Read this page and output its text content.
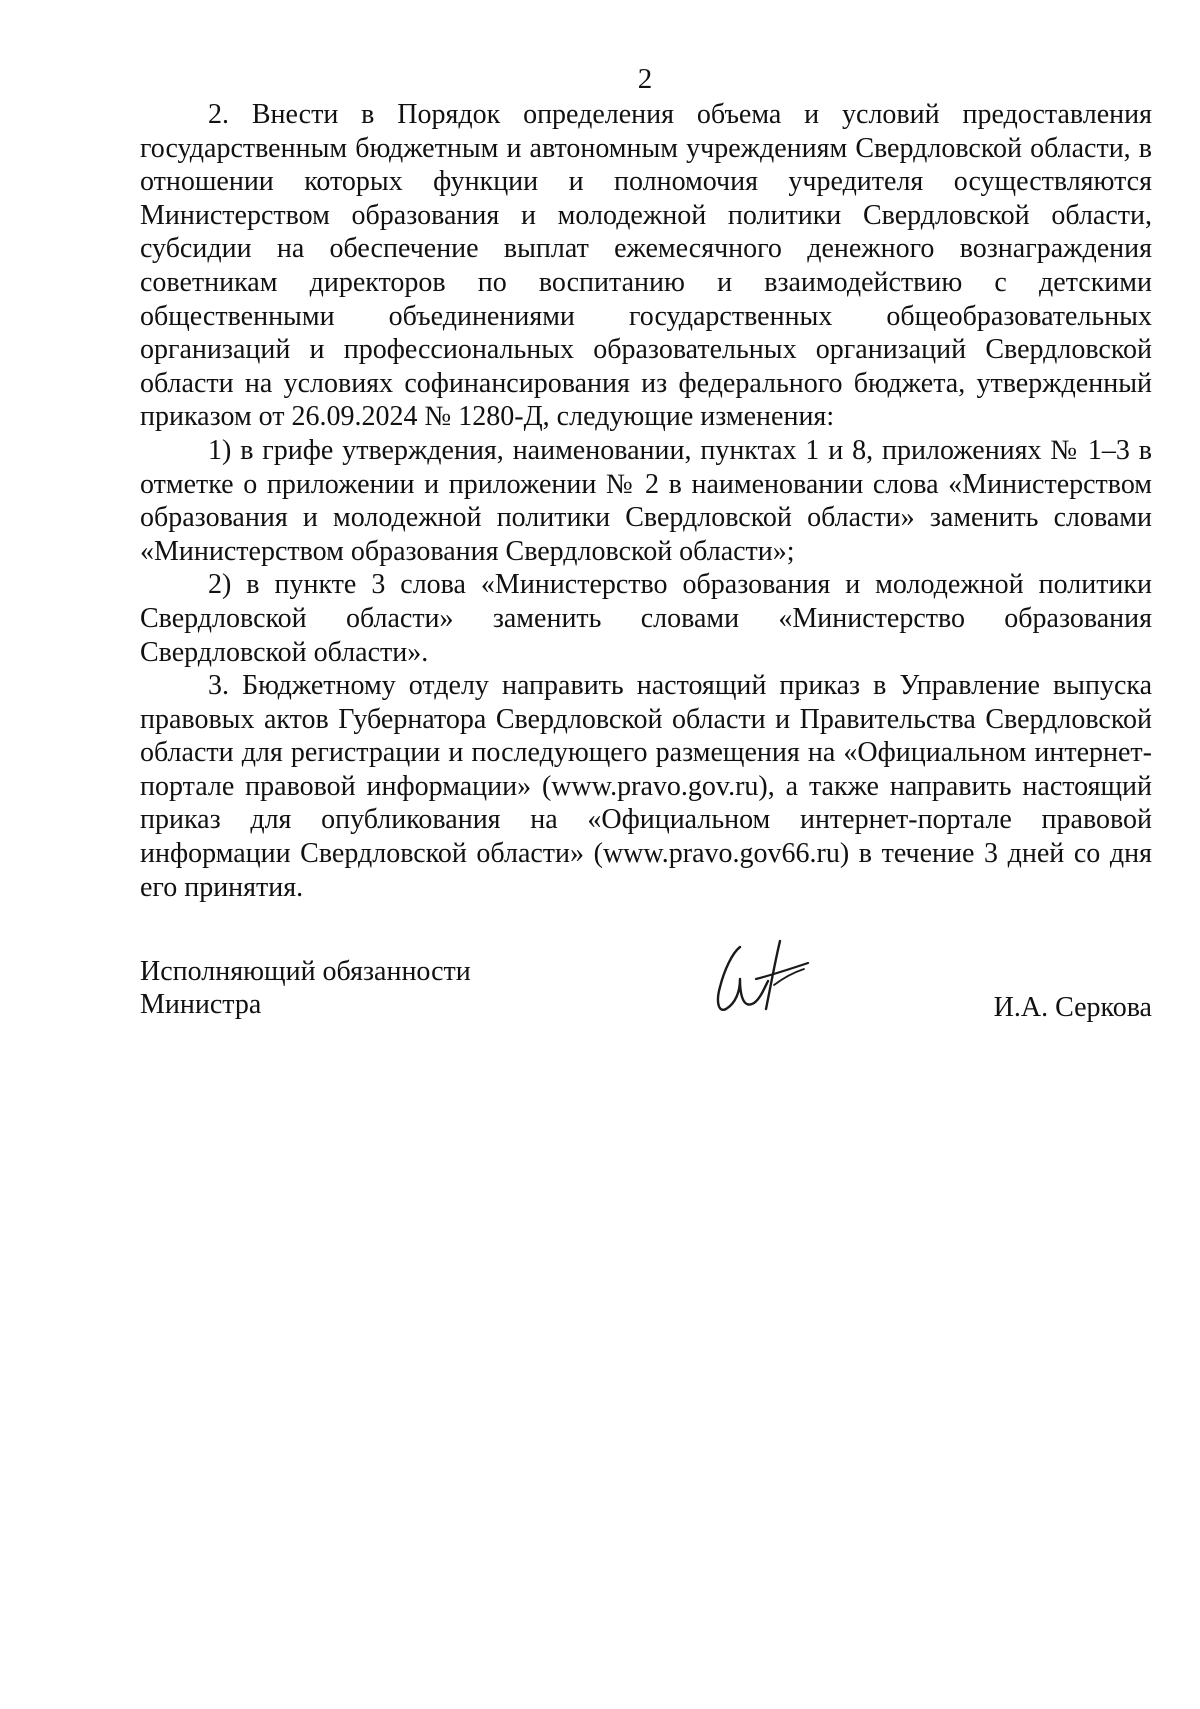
2

2. Внести в Порядок определения объема и условий предоставления государственным бюджетным и автономным учреждениям Свердловской области, в отношении которых функции и полномочия учредителя осуществляются Министерством образования и молодежной политики Свердловской области, субсидии на обеспечение выплат ежемесячного денежного вознаграждения советникам директоров по воспитанию и взаимодействию с детскими общественными объединениями государственных общеобразовательных организаций и профессиональных образовательных организаций Свердловской области на условиях софинансирования из федерального бюджета, утвержденный приказом от 26.09.2024 № 1280-Д, следующие изменения:

1) в грифе утверждения, наименовании, пунктах 1 и 8, приложениях № 1–3 в отметке о приложении и приложении № 2 в наименовании слова «Министерством образования и молодежной политики Свердловской области» заменить словами «Министерством образования Свердловской области»;

2) в пункте 3 слова «Министерство образования и молодежной политики Свердловской области» заменить словами «Министерство образования Свердловской области».

3. Бюджетному отделу направить настоящий приказ в Управление выпуска правовых актов Губернатора Свердловской области и Правительства Свердловской области для регистрации и последующего размещения на «Официальном интернет-портале правовой информации» (www.pravo.gov.ru), а также направить настоящий приказ для опубликования на «Официальном интернет-портале правовой информации Свердловской области» (www.pravo.gov66.ru) в течение 3 дней со дня его принятия.

Исполняющий обязанности
Министра	И.А. Серкова
